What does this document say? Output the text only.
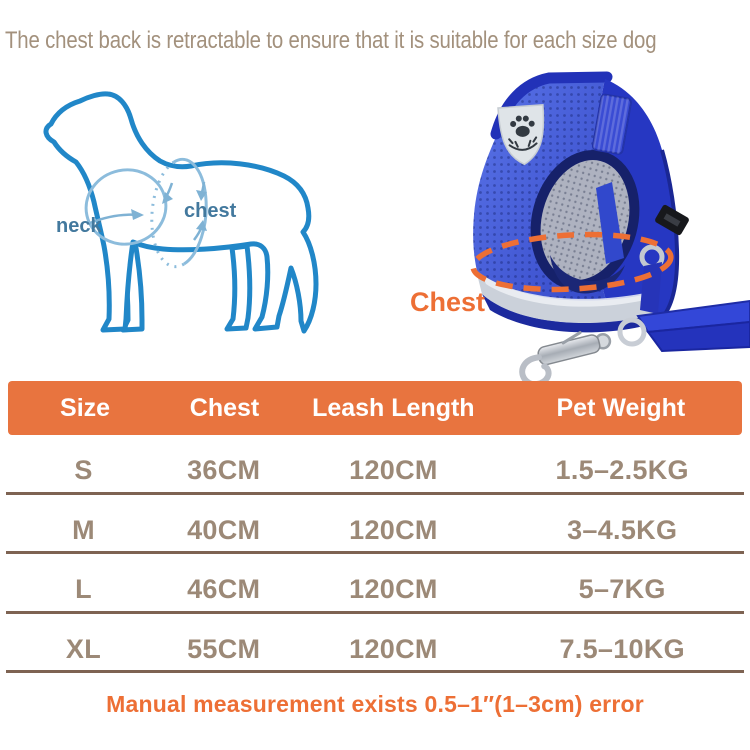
The chest back is retractable to ensure that it is suitable for each size dog
neck
chest
Chest
Size	Chest	Leash Length	Pet Weight
S	36CM	120CM	1.5–2.5KG
M	40CM	120CM	3–4.5KG
L	46CM	120CM	5–7KG
XL	55CM	120CM	7.5–10KG
Manual measurement exists 0.5–1″(1–3cm) error
